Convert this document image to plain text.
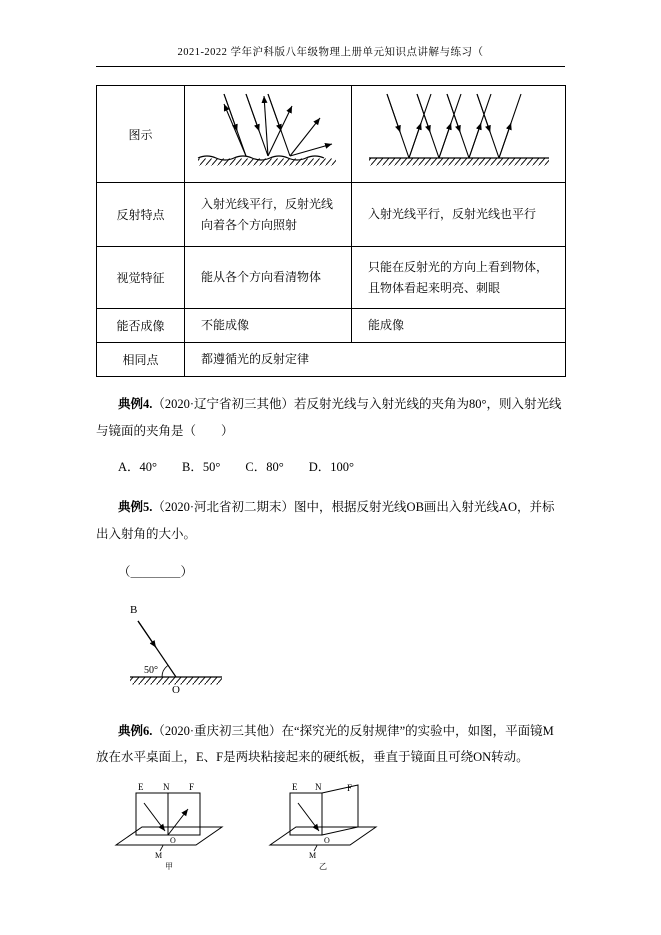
2021-2022 学年沪科版八年级物理上册单元知识点讲解与练习（
图示		
反射特点	入射光线平行，反射光线向着各个方向照射	入射光线平行，反射光线也平行
视觉特征	能从各个方向看清物体	只能在反射光的方向上看到物体，且物体看起来明亮、刺眼
能否成像	不能成像	能成像
相同点	都遵循光的反射定律	

典例4.（2020·辽宁省初三其他）若反射光线与入射光线的夹角为80°，则入射光线与镜面的夹角是（　　）

A．40°　　B．50°　　C．80°　　D．100°

典例5.（2020·河北省初二期末）图中，根据反射光线OB画出入射光线AO，并标出入射角的大小。

（＿＿＿＿）

B
50°
O

典例6.（2020·重庆初三其他）在“探究光的反射规律”的实验中，如图，平面镜M放在水平桌面上，E、F是两块粘接起来的硬纸板，垂直于镜面且可绕ON转动。

E N F
O
M
甲
E N	F
O
M
乙
